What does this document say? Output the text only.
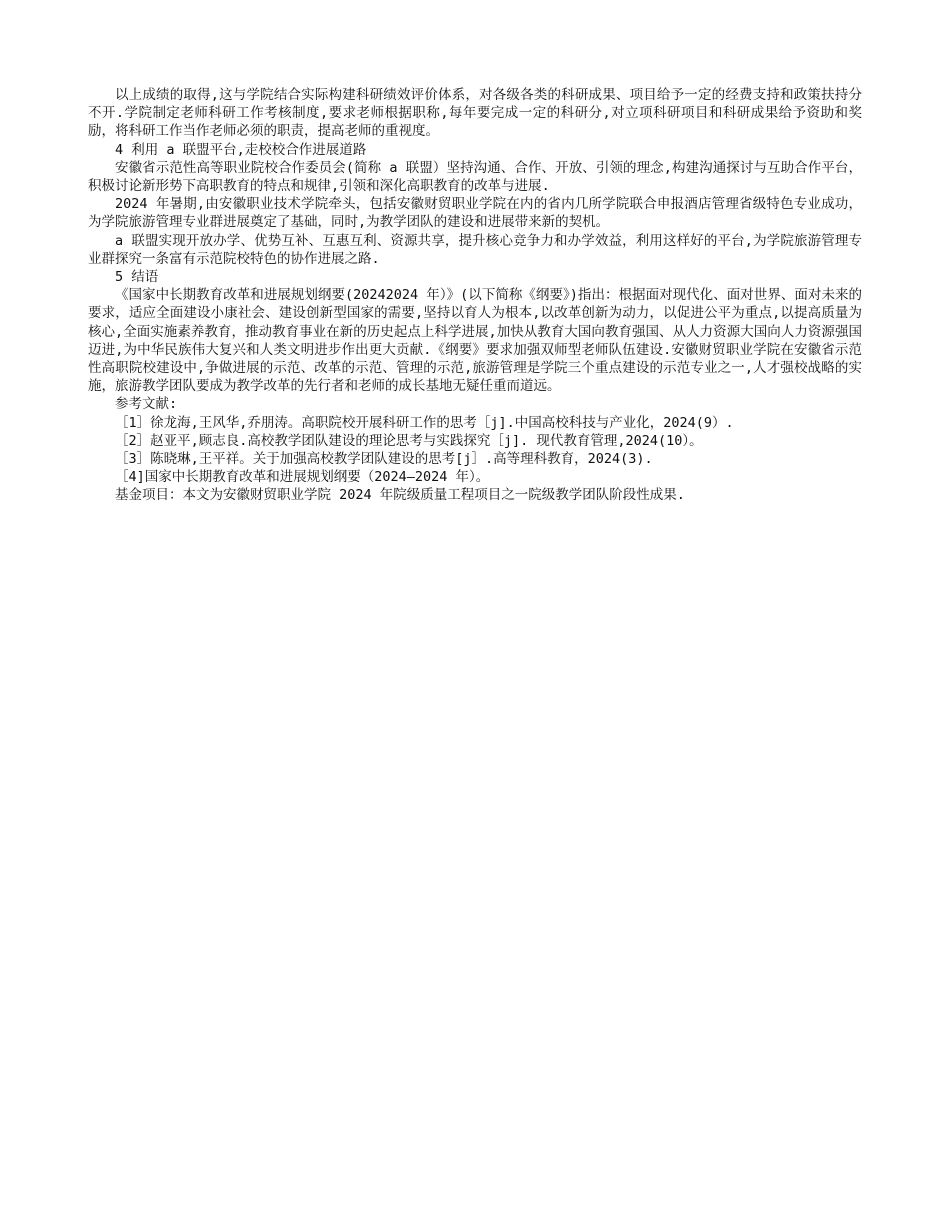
以上成绩的取得,这与学院结合实际构建科研绩效评价体系，对各级各类的科研成果、项目给予一定的经费支持和政策扶持分不开.学院制定老师科研工作考核制度,要求老师根据职称,每年要完成一定的科研分,对立项科研项目和科研成果给予资助和奖励，将科研工作当作老师必须的职责，提高老师的重视度。

4 利用 a 联盟平台,走校校合作进展道路

安徽省示范性高等职业院校合作委员会(简称 a 联盟）坚持沟通、合作、开放、引领的理念,构建沟通探讨与互助合作平台，积极讨论新形势下高职教育的特点和规律,引领和深化高职教育的改革与进展.

2024 年暑期,由安徽职业技术学院牵头，包括安徽财贸职业学院在内的省内几所学院联合申报酒店管理省级特色专业成功，为学院旅游管理专业群进展奠定了基础，同时,为教学团队的建设和进展带来新的契机。

a 联盟实现开放办学、优势互补、互惠互利、资源共享，提升核心竞争力和办学效益，利用这样好的平台,为学院旅游管理专业群探究一条富有示范院校特色的协作进展之路.

5 结语

《国家中长期教育改革和进展规划纲要(20242024 年）》(以下简称《纲要》)指出：根据面对现代化、面对世界、面对未来的要求，适应全面建设小康社会、建设创新型国家的需要,坚持以育人为根本,以改革创新为动力，以促进公平为重点,以提高质量为核心,全面实施素养教育，推动教育事业在新的历史起点上科学进展,加快从教育大国向教育强国、从人力资源大国向人力资源强国迈进,为中华民族伟大复兴和人类文明进步作出更大贡献.《纲要》要求加强双师型老师队伍建设.安徽财贸职业学院在安徽省示范性高职院校建设中,争做进展的示范、改革的示范、管理的示范,旅游管理是学院三个重点建设的示范专业之一,人才强校战略的实施，旅游教学团队要成为教学改革的先行者和老师的成长基地无疑任重而道远。

参考文献:

［1］徐龙海,王风华,乔朋涛。高职院校开展科研工作的思考［j].中国高校科技与产业化，2024(9）.

［2］赵亚平,顾志良.高校教学团队建设的理论思考与实践探究［j]. 现代教育管理,2024(10）。

［3］陈晓琳,王平祥。关于加强高校教学团队建设的思考[j］.高等理科教育，2024(3).

［4]国家中长期教育改革和进展规划纲要（2024—2024 年）。

基金项目：本文为安徽财贸职业学院 2024 年院级质量工程项目之一院级教学团队阶段性成果.
